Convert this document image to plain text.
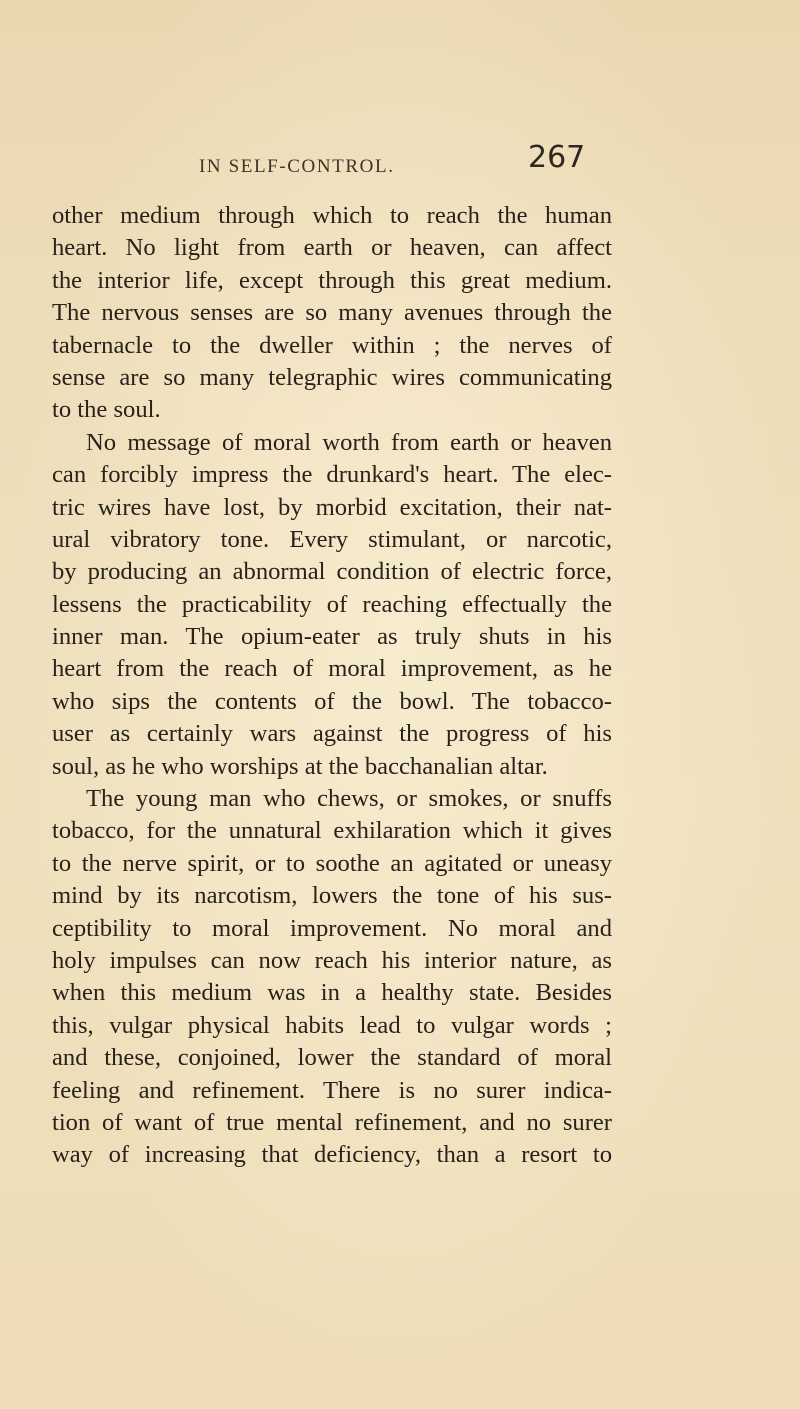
IN SELF-CONTROL.	267
other medium through which to reach the human
heart. No light from earth or heaven, can affect
the interior life, except through this great medium.
The nervous senses are so many avenues through the
tabernacle to the dweller within ; the nerves of
sense are so many telegraphic wires communicating
to the soul.
No message of moral worth from earth or heaven
can forcibly impress the drunkard's heart. The elec-
tric wires have lost, by morbid excitation, their nat-
ural vibratory tone. Every stimulant, or narcotic,
by producing an abnormal condition of electric force,
lessens the practicability of reaching effectually the
inner man. The opium-eater as truly shuts in his
heart from the reach of moral improvement, as he
who sips the contents of the bowl. The tobacco-
user as certainly wars against the progress of his
soul, as he who worships at the bacchanalian altar.
The young man who chews, or smokes, or snuffs
tobacco, for the unnatural exhilaration which it gives
to the nerve spirit, or to soothe an agitated or uneasy
mind by its narcotism, lowers the tone of his sus-
ceptibility to moral improvement. No moral and
holy impulses can now reach his interior nature, as
when this medium was in a healthy state. Besides
this, vulgar physical habits lead to vulgar words ;
and these, conjoined, lower the standard of moral
feeling and refinement. There is no surer indica-
tion of want of true mental refinement, and no surer
way of increasing that deficiency, than a resort to
